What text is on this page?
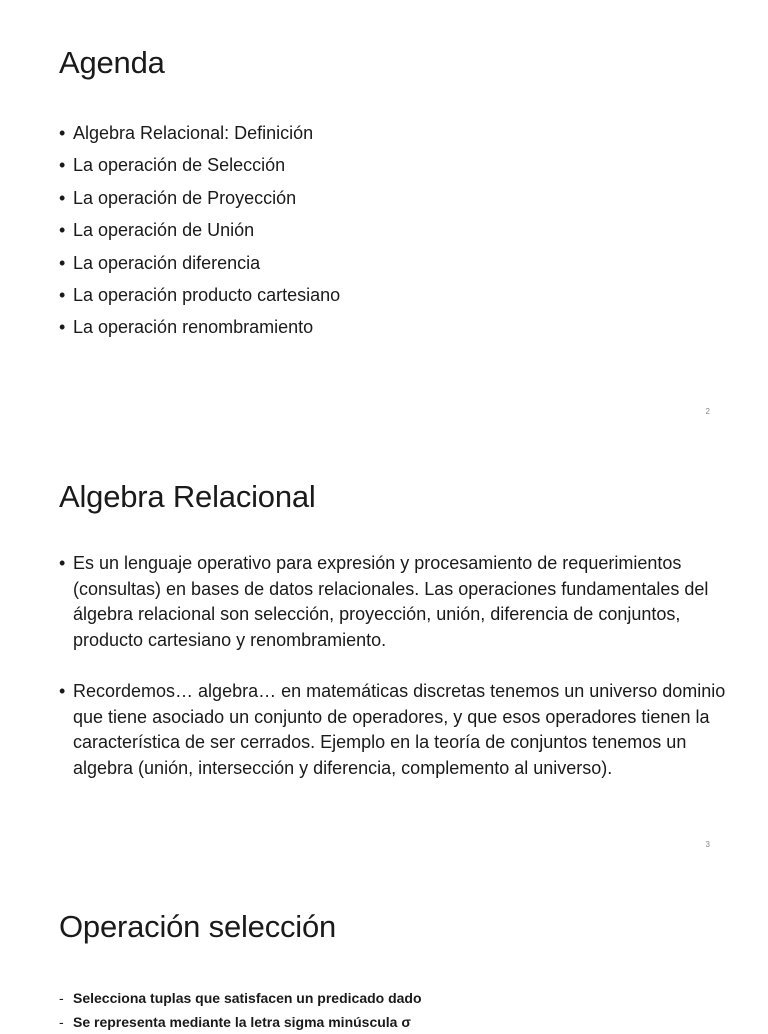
Agenda
• Algebra Relacional: Definición
• La operación de Selección
• La operación de Proyección
• La operación de Unión
• La operación diferencia
• La operación producto cartesiano
• La operación renombramiento
2
Algebra Relacional
• Es un lenguaje operativo para expresión y procesamiento de requerimientos (consultas) en bases de datos relacionales. Las operaciones fundamentales del álgebra relacional son selección, proyección, unión, diferencia de conjuntos, producto cartesiano y renombramiento.
• Recordemos… algebra… en matemáticas discretas tenemos un universo dominio que tiene asociado un conjunto de operadores, y que esos operadores tienen la característica de ser cerrados. Ejemplo en la teoría de conjuntos tenemos un algebra (unión, intersección y diferencia, complemento al universo).
3
Operación selección
- Selecciona tuplas que satisfacen un predicado dado
- Se representa mediante la letra sigma minúscula σ
